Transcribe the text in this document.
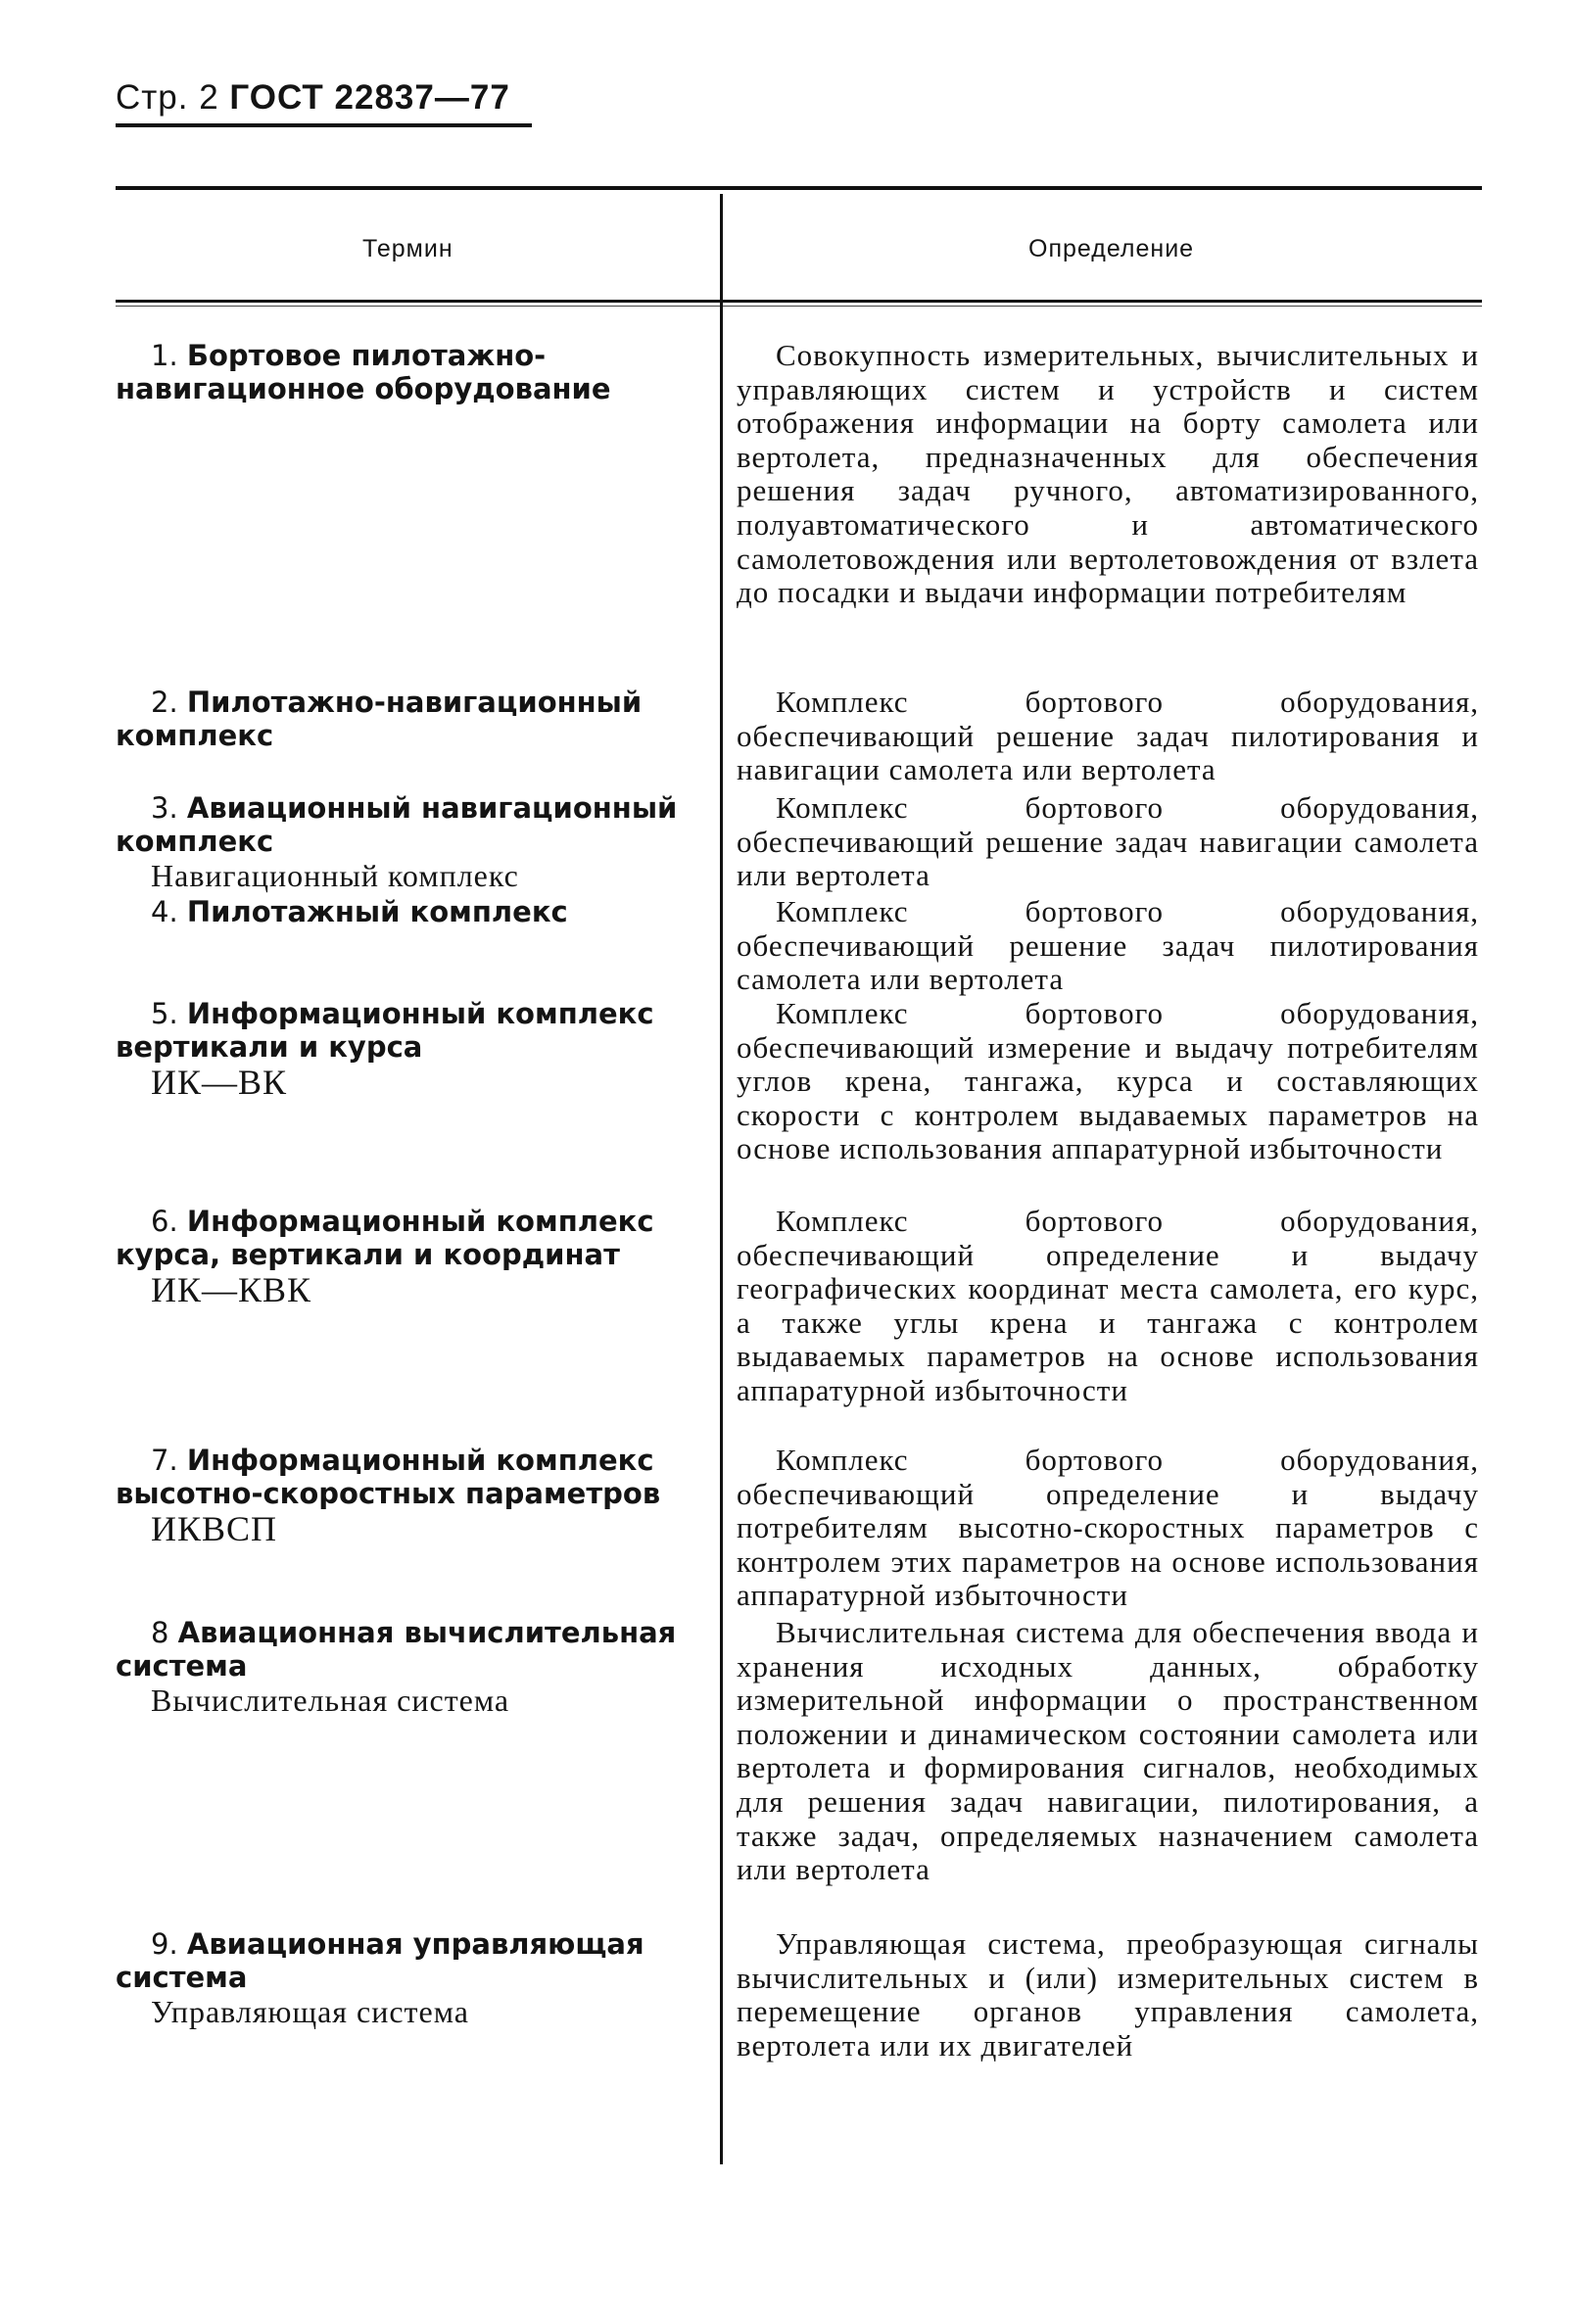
Стр. 2 ГОСТ 22837—77
Термин	Определение
1. Бортовое пилотажно-навигационное оборудование
Совокупность измерительных, вычислительных и управляющих систем и устройств и систем отображения информации на борту самолета или вертолета, предназначенных для обеспечения решения задач ручного, автоматизированного, полуавтоматического и автоматического самолетовождения или вертолетовождения от взлета до посадки и выдачи информации потребителям
2. Пилотажно-навигационный комплекс
Комплекс бортового оборудования, обеспечивающий решение задач пилотирования и навигации самолета или вертолета
3. Авиационный навигационный комплекс
Навигационный комплекс
Комплекс бортового оборудования, обеспечивающий решение задач навигации самолета или вертолета
4. Пилотажный комплекс	Комплекс бортового оборудования, обеспечивающий решение задач пилотирования самолета или вертолета
5. Информационный комплекс вертикали и курса
ИК—ВК
Комплекс бортового оборудования, обеспечивающий измерение и выдачу потребителям углов крена, тангажа, курса и составляющих скорости с контролем выдаваемых параметров на основе использования аппаратурной избыточности
6. Информационный комплекс курса, вертикали и координат
ИК—КВК
Комплекс бортового оборудования, обеспечивающий определение и выдачу географических координат места самолета, его курс, а также углы крена и тангажа с контролем выдаваемых параметров на основе использования аппаратурной избыточности
7. Информационный комплекс высотно-скоростных параметров
ИКВСП
Комплекс бортового оборудования, обеспечивающий определение и выдачу потребителям высотно-скоростных параметров с контролем этих параметров на основе использования аппаратурной избыточности
8 Авиационная вычислительная система
Вычислительная система
Вычислительная система для обеспечения ввода и хранения исходных данных, обработку измерительной информации о пространственном положении и динамическом состоянии самолета или вертолета и формирования сигналов, необходимых для решения задач навигации, пилотирования, а также задач, определяемых назначением самолета или вертолета
9. Авиационная управляющая система
Управляющая система
Управляющая система, преобразующая сигналы вычислительных и (или) измерительных систем в перемещение органов управления самолета, вертолета или их двигателей
